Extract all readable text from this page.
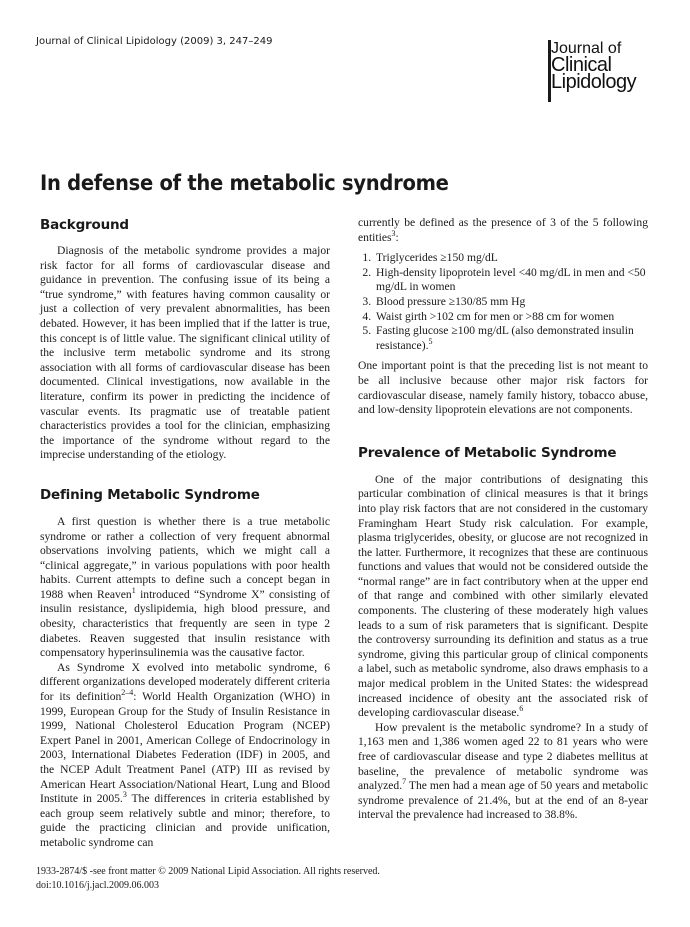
Journal of Clinical Lipidology (2009) 3, 247–249	Journal of
Clinical
Lipidology
In defense of the metabolic syndrome
Background

Diagnosis of the metabolic syndrome provides a major risk factor for all forms of cardiovascular disease and guidance in prevention. The confusing issue of its being a “true syndrome,” with features having common causality or just a collection of very prevalent abnormalities, has been debated. However, it has been implied that if the latter is true, this concept is of little value. The significant clinical utility of the inclusive term metabolic syndrome and its strong association with all forms of cardiovascular disease has been documented. Clinical investigations, now available in the literature, confirm its power in predicting the incidence of vascular events. Its pragmatic use of treatable patient characteristics provides a tool for the clinician, emphasizing the importance of the syndrome without regard to the imprecise understanding of the etiology.

Defining Metabolic Syndrome

A first question is whether there is a true metabolic syndrome or rather a collection of very frequent abnormal observations involving patients, which we might call a “clinical aggregate,” in various populations with poor health habits. Current attempts to define such a concept began in 1988 when Reaven$^1$ introduced “Syndrome X” consisting of insulin resistance, dyslipidemia, high blood pressure, and obesity, characteristics that frequently are seen in type 2 diabetes. Reaven suggested that insulin resistance with compensatory hyperinsulinemia was the causative factor.

As Syndrome X evolved into metabolic syndrome, 6 different organizations developed moderately different criteria for its definition$^{2-4}$: World Health Organization (WHO) in 1999, European Group for the Study of Insulin Resistance in 1999, National Cholesterol Education Program (NCEP) Expert Panel in 2001, American College of Endocrinology in 2003, International Diabetes Federation (IDF) in 2005, and the NCEP Adult Treatment Panel (ATP) III as revised by American Heart Association/National Heart, Lung and Blood Institute in 2005.$^3$ The differences in criteria established by each group seem relatively subtle and minor; therefore, to guide the practicing clinician and provide unification, metabolic syndrome can

currently be defined as the presence of 3 of the 5 following entities$^3$:

1. Triglycerides ≥150 mg/dL
2. High-density lipoprotein level <40 mg/dL in men and <50 mg/dL in women
3. Blood pressure ≥130/85 mm Hg
4. Waist girth >102 cm for men or >88 cm for women
5. Fasting glucose ≥100 mg/dL (also demonstrated insulin resistance).$^5$

One important point is that the preceding list is not meant to be all inclusive because other major risk factors for cardiovascular disease, namely family history, tobacco abuse, and low-density lipoprotein elevations are not components.

Prevalence of Metabolic Syndrome

One of the major contributions of designating this particular combination of clinical measures is that it brings into play risk factors that are not considered in the customary Framingham Heart Study risk calculation. For example, plasma triglycerides, obesity, or glucose are not recognized in the latter. Furthermore, it recognizes that these are continuous functions and values that would not be considered outside the “normal range” are in fact contributory when at the upper end of that range and combined with other similarly elevated components. The clustering of these moderately high values leads to a sum of risk parameters that is significant. Despite the controversy surrounding its definition and status as a true syndrome, giving this particular group of clinical components a label, such as metabolic syndrome, also draws emphasis to a major medical problem in the United States: the widespread increased incidence of obesity ant the associated risk of developing cardiovascular disease.$^6$

How prevalent is the metabolic syndrome? In a study of 1,163 men and 1,386 women aged 22 to 81 years who were free of cardiovascular disease and type 2 diabetes mellitus at baseline, the prevalence of metabolic syndrome was analyzed.$^7$ The men had a mean age of 50 years and metabolic syndrome prevalence of 21.4%, but at the end of an 8-year interval the prevalence had increased to 38.8%.

1933-2874/$ -see front matter © 2009 National Lipid Association. All rights reserved.
doi:10.1016/j.jacl.2009.06.003
